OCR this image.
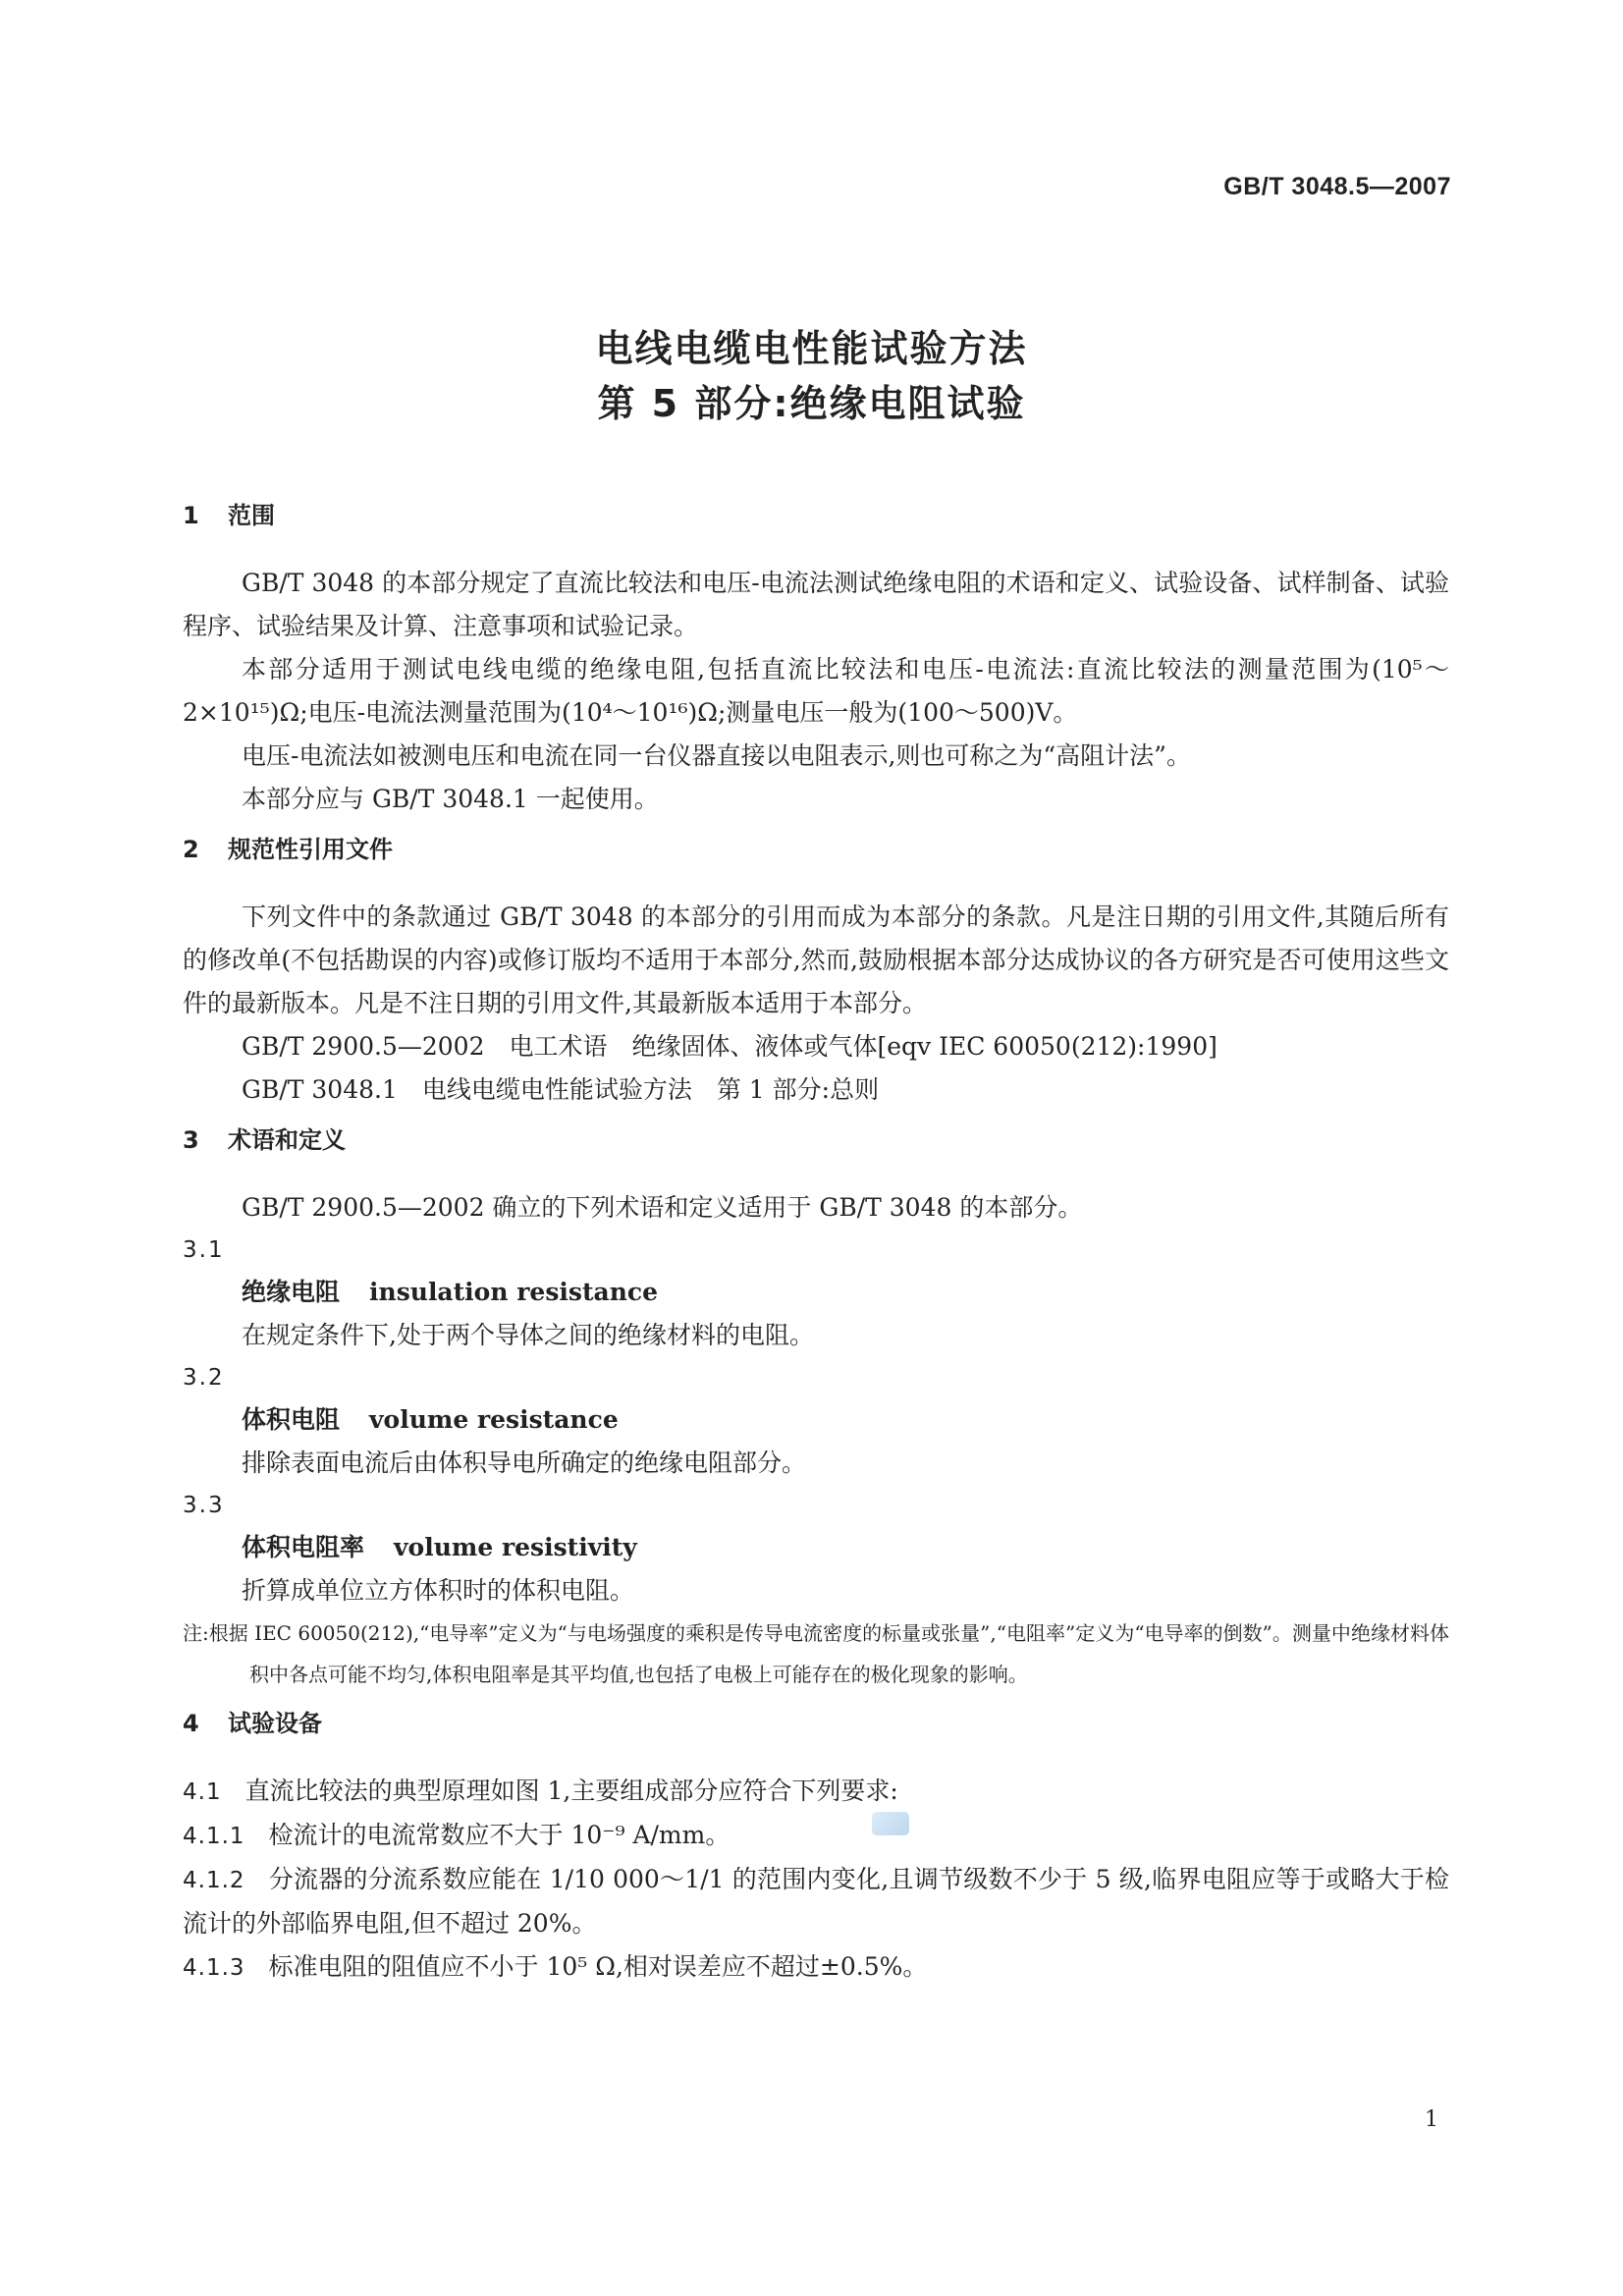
GB/T 3048.5—2007
电线电缆电性能试验方法
第 5 部分:绝缘电阻试验
1 范围

GB/T 3048 的本部分规定了直流比较法和电压-电流法测试绝缘电阻的术语和定义、试验设备、试样制备、试验程序、试验结果及计算、注意事项和试验记录。

本部分适用于测试电线电缆的绝缘电阻,包括直流比较法和电压-电流法:直流比较法的测量范围为(10⁵～2×10¹⁵)Ω;电压-电流法测量范围为(10⁴～10¹⁶)Ω;测量电压一般为(100～500)V。

电压-电流法如被测电压和电流在同一台仪器直接以电阻表示,则也可称之为“高阻计法”。

本部分应与 GB/T 3048.1 一起使用。

2 规范性引用文件

下列文件中的条款通过 GB/T 3048 的本部分的引用而成为本部分的条款。凡是注日期的引用文件,其随后所有的修改单(不包括勘误的内容)或修订版均不适用于本部分,然而,鼓励根据本部分达成协议的各方研究是否可使用这些文件的最新版本。凡是不注日期的引用文件,其最新版本适用于本部分。

GB/T 2900.5—2002　电工术语　绝缘固体、液体或气体[eqv IEC 60050(212):1990]
GB/T 3048.1　电线电缆电性能试验方法　第 1 部分:总则
3 术语和定义

GB/T 2900.5—2002 确立的下列术语和定义适用于 GB/T 3048 的本部分。

3.1
绝缘电阻 insulation resistance
在规定条件下,处于两个导体之间的绝缘材料的电阻。
3.2
体积电阻 volume resistance
排除表面电流后由体积导电所确定的绝缘电阻部分。
3.3
体积电阻率 volume resistivity
折算成单位立方体积时的体积电阻。
注:根据 IEC 60050(212),“电导率”定义为“与电场强度的乘积是传导电流密度的标量或张量”,“电阻率”定义为“电导率的倒数”。测量中绝缘材料体积中各点可能不均匀,体积电阻率是其平均值,也包括了电极上可能存在的极化现象的影响。
4 试验设备
4.1 直流比较法的典型原理如图 1,主要组成部分应符合下列要求:
4.1.1 检流计的电流常数应不大于 10⁻⁹ A/mm。
4.1.2 分流器的分流系数应能在 1/10 000～1/1 的范围内变化,且调节级数不少于 5 级,临界电阻应等于或略大于检流计的外部临界电阻,但不超过 20%。
4.1.3 标准电阻的阻值应不小于 10⁵ Ω,相对误差应不超过±0.5%。
1
